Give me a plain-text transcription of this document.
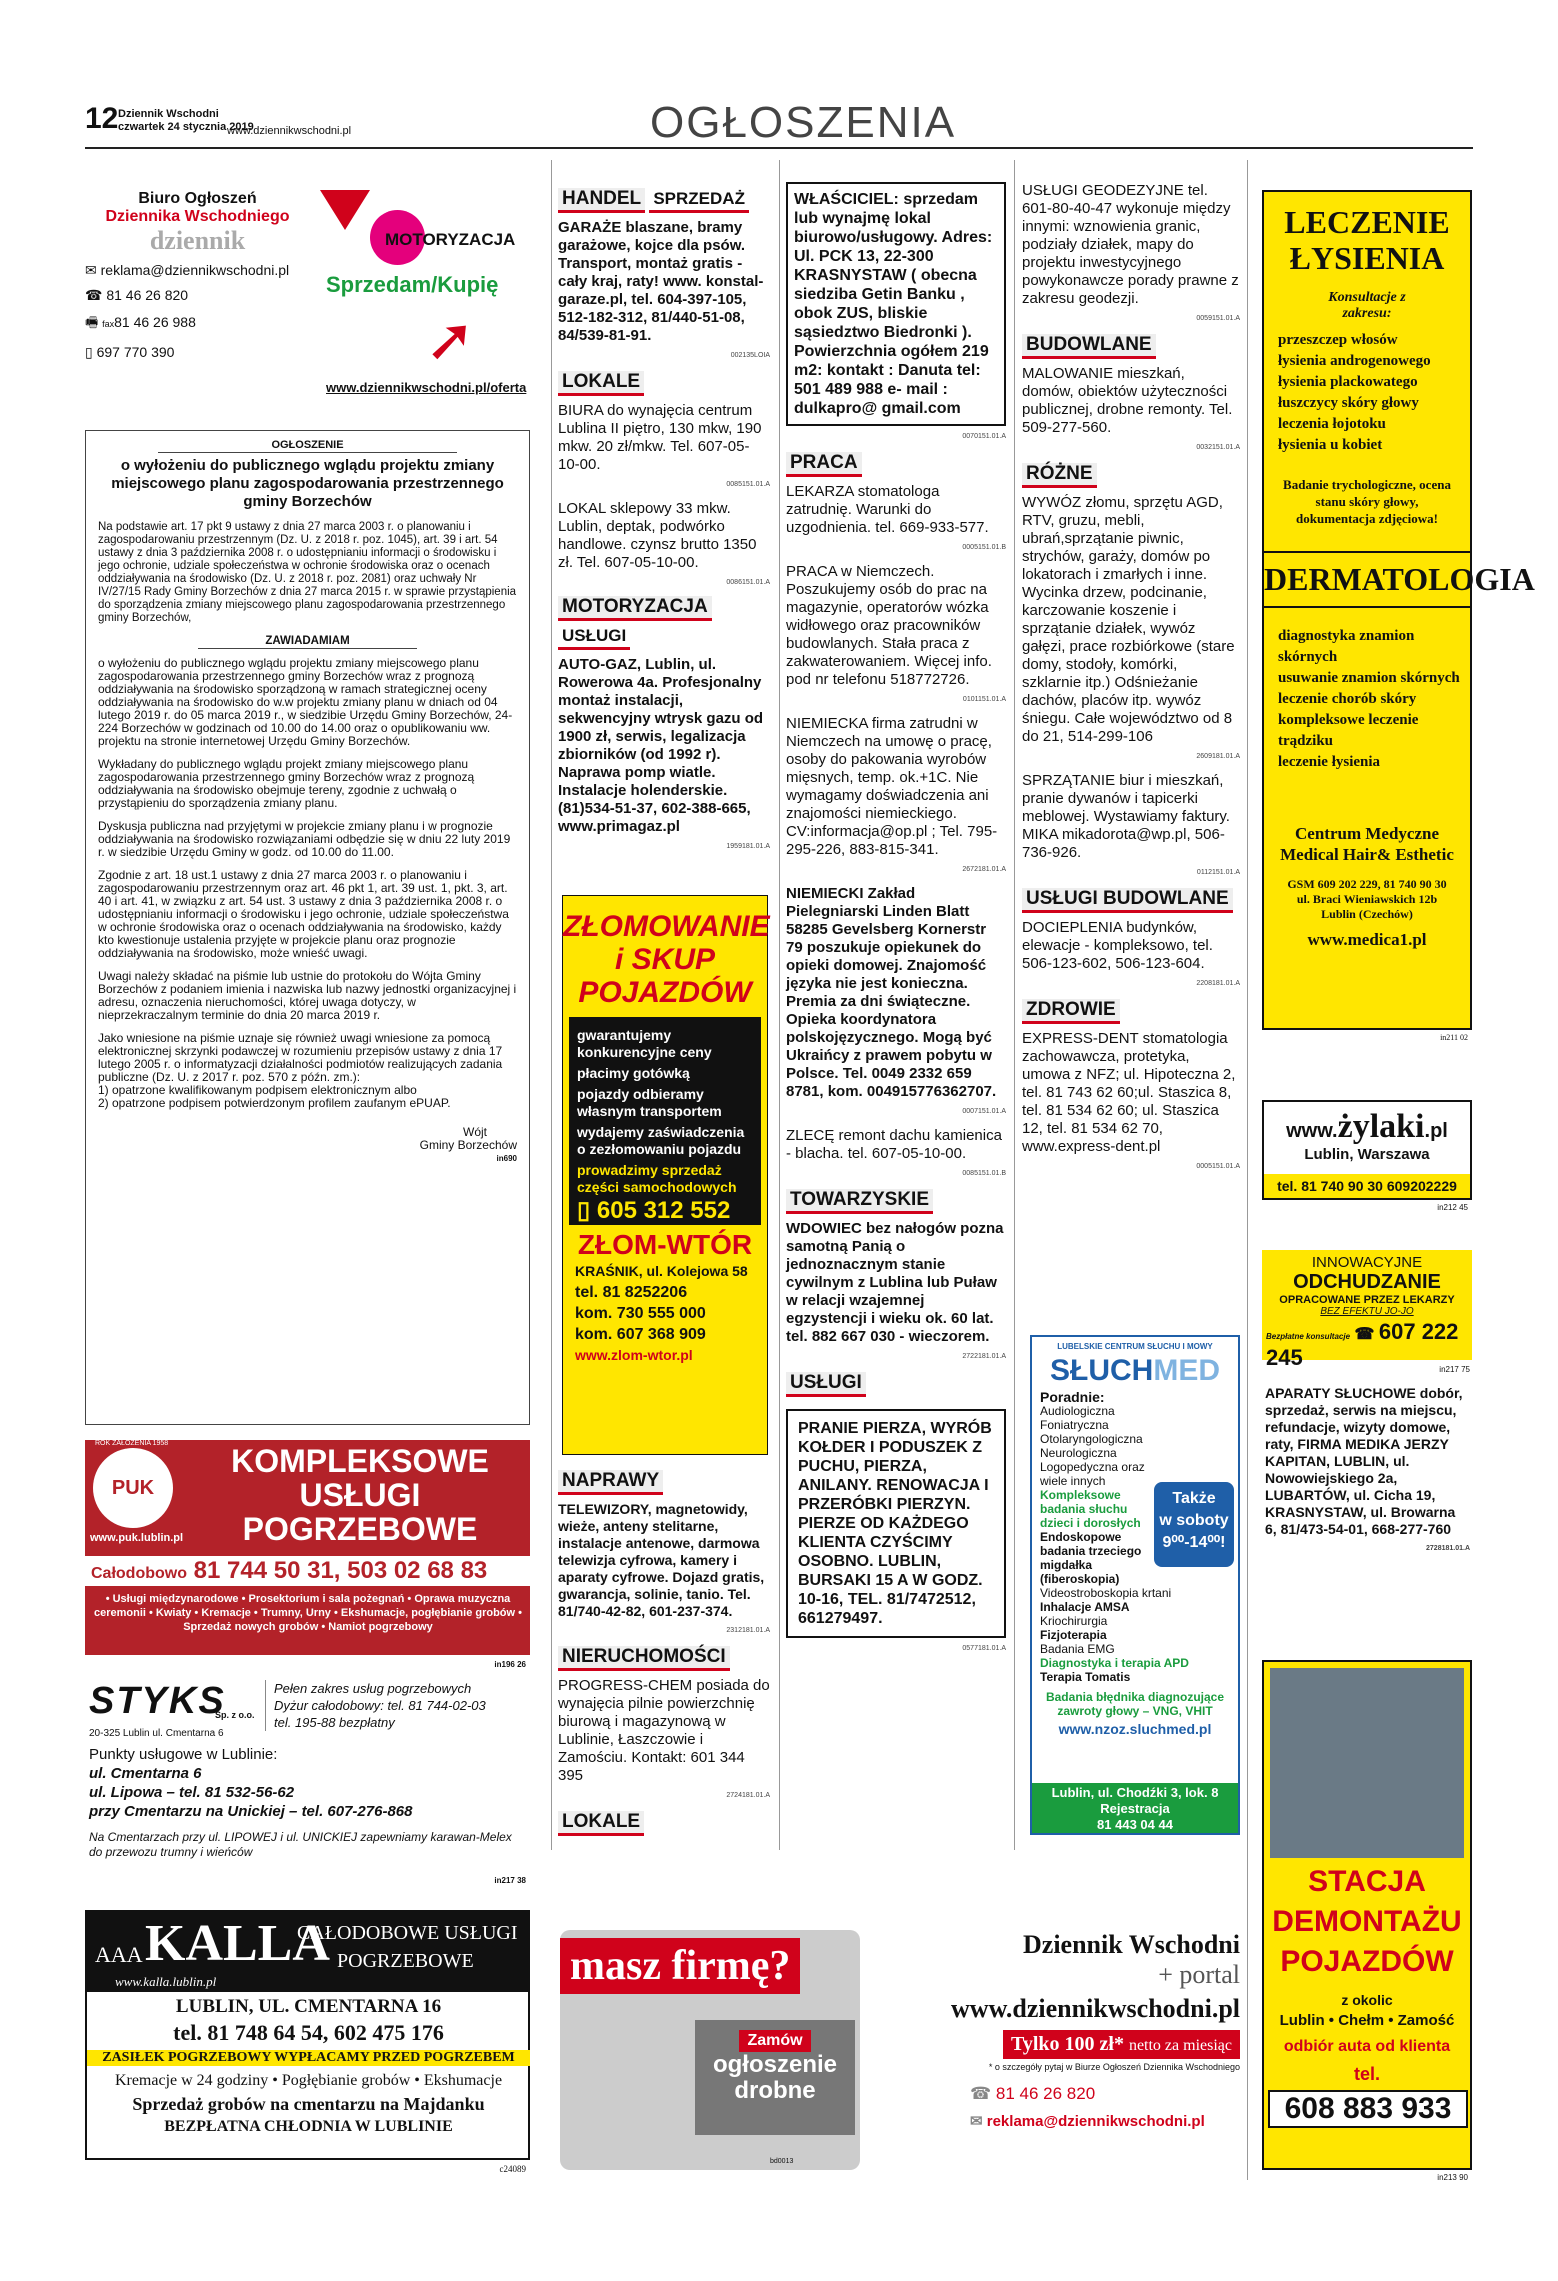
12 Dziennik Wschodni
czwartek 24 stycznia 2019
www.dziennikwschodni.pl	OGŁOSZENIA
Biuro Ogłoszeń
Dziennika Wschodniego
dziennik
✉ reklama@dziennikwschodni.pl
☎ 81 46 26 820
🖷 fax81 46 26 988
▯ 697 770 390
MOTORYZACJA
Sprzedam/Kupię
➚
www.dziennikwschodni.pl/oferta
OGŁOSZENIE
o wyłożeniu do publicznego wglądu projektu zmiany miejscowego planu zagospodarowania przestrzennego gminy Borzechów
Na podstawie art. 17 pkt 9 ustawy z dnia 27 marca 2003 r. o planowaniu i zagospodarowaniu przestrzennym (Dz. U. z 2018 r. poz. 1045), art. 39 i art. 54 ustawy z dnia 3 października 2008 r. o udostępnianiu informacji o środowisku i jego ochronie, udziale społeczeństwa w ochronie środowiska oraz o ocenach oddziaływania na środowisko (Dz. U. z 2018 r. poz. 2081) oraz uchwały Nr IV/27/15 Rady Gminy Borzechów z dnia 27 marca 2015 r. w sprawie przystąpienia do sporządzenia zmiany miejscowego planu zagospodarowania przestrzennego gminy Borzechów,
ZAWIADAMIAM
o wyłożeniu do publicznego wglądu projektu zmiany miejscowego planu zagospodarowania przestrzennego gminy Borzechów wraz z prognozą oddziaływania na środowisko sporządzoną w ramach strategicznej oceny oddziaływania na środowisko do w.w projektu zmiany planu w dniach od 04 lutego 2019 r. do 05 marca 2019 r., w siedzibie Urzędu Gminy Borzechów, 24-224 Borzechów w godzinach od 10.00 do 14.00 oraz o opublikowaniu ww. projektu na stronie internetowej Urzędu Gminy Borzechów.
Wykładany do publicznego wglądu projekt zmiany miejscowego planu zagospodarowania przestrzennego gminy Borzechów wraz z prognozą oddziaływania na środowisko obejmuje tereny, zgodnie z uchwałą o przystąpieniu do sporządzenia zmiany planu.
Dyskusja publiczna nad przyjętymi w projekcie zmiany planu i w prognozie oddziaływania na środowisko rozwiązaniami odbędzie się w dniu 22 luty 2019 r. w siedzibie Urzędu Gminy w godz. od 10.00 do 11.00.
Zgodnie z art. 18 ust.1 ustawy z dnia 27 marca 2003 r. o planowaniu i zagospodarowaniu przestrzennym oraz art. 46 pkt 1, art. 39 ust. 1, pkt. 3, art. 40 i art. 41, w związku z art. 54 ust. 3 ustawy z dnia 3 października 2008 r. o udostępnianiu informacji o środowisku i jego ochronie, udziale społeczeństwa w ochronie środowiska oraz o ocenach oddziaływania na środowisko, każdy kto kwestionuje ustalenia przyjęte w projekcie planu oraz prognozie oddziaływania na środowisko, może wnieść uwagi.
Uwagi należy składać na piśmie lub ustnie do protokołu do Wójta Gminy Borzechów z podaniem imienia i nazwiska lub nazwy jednostki organizacyjnej i adresu, oznaczenia nieruchomości, której uwaga dotyczy, w nieprzekraczalnym terminie do dnia 20 marca 2019 r.
Jako wniesione na piśmie uznaje się również uwagi wniesione za pomocą elektronicznej skrzynki podawczej w rozumieniu przepisów ustawy z dnia 17 lutego 2005 r. o informatyzacji działalności podmiotów realizujących zadania publiczne (Dz. U. z 2017 r. poz. 570 z późn. zm.):
1) opatrzone kwalifikowanym podpisem elektronicznym albo
2) opatrzone podpisem potwierdzonym profilem zaufanym ePUAP.
Wójt
Gminy Borzechów
in690
PUK
ROK ZAŁOŻENIA 1958
www.puk.lublin.pl
KOMPLEKSOWE
USŁUGI
POGRZEBOWE
Całodobowo 81 744 50 31, 503 02 68 83
• Usługi międzynarodowe • Prosektorium i sala pożegnań • Oprawa muzyczna ceremonii • Kwiaty • Kremacje • Trumny, Urny • Ekshumacje, pogłębianie grobów • Sprzedaż nowych grobów • Namiot pogrzebowy
in196 26
STYKS
Sp. z o.o.
20-325 Lublin ul. Cmentarna 6
Pełen zakres usług pogrzebowych
Dyżur całodobowy: tel. 81 744-02-03
tel. 195-88 bezpłatny
Punkty usługowe w Lublinie:
ul. Cmentarna 6
ul. Lipowa – tel. 81 532-56-62
przy Cmentarzu na Unickiej – tel. 607-276-868
Na Cmentarzach przy ul. LIPOWEJ i ul. UNICKIEJ zapewniamy karawan-Melex do przewozu trumny i wieńców
in217 38
AAA KALLA
CAŁODOBOWE USŁUGI
POGRZEBOWE
www.kalla.lublin.pl
LUBLIN, UL. CMENTARNA 16
tel. 81 748 64 54, 602 475 176
ZASIŁEK POGRZEBOWY WYPŁACAMY PRZED POGRZEBEM
Kremacje w 24 godziny • Pogłębianie grobów • Ekshumacje
Sprzedaż grobów na cmentarzu na Majdanku
BEZPŁATNA CHŁODNIA W LUBLINIE
c24089
HANDEL SPRZEDAŻ
GARAŻE blaszane, bramy garażowe, kojce dla psów. Transport, montaż gratis - cały kraj, raty! www. konstal-garaze.pl, tel. 604-397-105, 512-182-312, 81/440-51-08, 84/539-81-91.
002135LOIA
LOKALE
BIURA do wynajęcia centrum Lublina II piętro, 130 mkw, 190 mkw. 20 zł/mkw. Tel. 607-05-10-00.
0085151.01.A
LOKAL sklepowy 33 mkw. Lublin, deptak, podwórko handlowe. czynsz brutto 1350 zł. Tel. 607-05-10-00.
0086151.01.A
MOTORYZACJA USŁUGI
AUTO-GAZ, Lublin, ul. Rowerowa 4a. Profesjonalny montaż instalacji, sekwencyjny wtrysk gazu od 1900 zł, serwis, legalizacja zbiorników (od 1992 r). Naprawa pomp wiatle. Instalacje holenderskie. (81)534-51-37, 602-388-665, www.primagaz.pl
1959181.01.A
ZŁOMOWANIE
i SKUP
POJAZDÓW
gwarantujemy konkurencyjne ceny
płacimy gotówką
pojazdy odbieramy własnym transportem
wydajemy zaświadczenia o zezłomowaniu pojazdu
prowadzimy sprzedaż części samochodowych
▯ 605 312 552
ZŁOM-WTÓR
KRAŚNIK, ul. Kolejowa 58
tel. 81 8252206
kom. 730 555 000
kom. 607 368 909
www.zlom-wtor.pl
NAPRAWY
TELEWIZORY, magnetowidy, wieże, anteny stelitarne, instalacje antenowe, darmowa telewizja cyfrowa, kamery i aparaty cyfrowe. Dojazd gratis, gwarancja, solinie, tanio. Tel. 81/740-42-82, 601-237-374.
2312181.01.A
NIERUCHOMOŚCI
PROGRESS-CHEM posiada do wynajęcia pilnie powierzchnię biurową i magazynową w Lublinie, Łaszczowie i Zamościu. Kontakt: 601 344 395
2724181.01.A
LOKALE
WŁAŚCICIEL: sprzedam lub wynajmę lokal biurowo/usługowy. Adres: Ul. PCK 13, 22-300 KRASNYSTAW ( obecna siedziba Getin Banku , obok ZUS, bliskie sąsiedztwo Biedronki ). Powierzchnia ogółem 219 m2: kontakt : Danuta tel: 501 489 988 e- mail : dulkapro@ gmail.com
0070151.01.A
PRACA
LEKARZA stomatologa zatrudnię. Warunki do uzgodnienia. tel. 669-933-577.
0005151.01.B
PRACA w Niemczech. Poszukujemy osób do prac na magazynie, operatorów wózka widłowego oraz pracowników budowlanych. Stała praca z zakwaterowaniem. Więcej info. pod nr telefonu 518772726.
0101151.01.A
NIEMIECKA firma zatrudni w Niemczech na umowę o pracę, osoby do pakowania wyrobów mięsnych, temp. ok.+1C. Nie wymagamy doświadczenia ani znajomości niemieckiego. CV:informacja@op.pl ; Tel. 795-295-226, 883-815-341.
2672181.01.A
NIEMIECKI Zakład Pielegniarski Linden Blatt 58285 Gevelsberg Kornerstr 79 poszukuje opiekunek do opieki domowej. Znajomość języka nie jest konieczna. Premia za dni świąteczne. Opieka koordynatora polskojęzycznego. Mogą być Ukraińcy z prawem pobytu w Polsce. Tel. 0049 2332 659 8781, kom. 004915776362707.
0007151.01.A
ZLECĘ remont dachu kamienica - blacha. tel. 607-05-10-00.
0085151.01.B
TOWARZYSKIE
WDOWIEC bez nałogów pozna samotną Panią o jednoznacznym stanie cywilnym z Lublina lub Puław w relacji wzajemnej egzystencji i wieku ok. 60 lat. tel. 882 667 030 - wieczorem.
2722181.01.A
USŁUGI
PRANIE PIERZA, WYRÓB KOŁDER I PODUSZEK Z PUCHU, PIERZA, ANILANY. RENOWACJA I PRZERÓBKI PIERZYN. PIERZE OD KAŻDEGO KLIENTA CZYŚCIMY OSOBNO. LUBLIN, BURSAKI 15 A W GODZ. 10-16, TEL. 81/7472512, 661279497.
0577181.01.A
USŁUGI GEODEZYJNE tel. 601-80-40-47 wykonuje między innymi: wznowienia granic, podziały działek, mapy do projektu inwestycyjnego powykonawcze porady prawne z zakresu geodezji.
0059151.01.A
BUDOWLANE
MALOWANIE mieszkań, domów, obiektów użyteczności publicznej, drobne remonty. Tel. 509-277-560.
0032151.01.A
RÓŻNE
WYWÓZ złomu, sprzętu AGD, RTV, gruzu, mebli, ubrań,sprzątanie piwnic, strychów, garaży, domów po lokatorach i zmarłych i inne. Wycinka drzew, podcinanie, karczowanie koszenie i sprzątanie działek, wywóz gałęzi, prace rozbiórkowe (stare domy, stodoły, komórki, szklarnie itp.) Odśnieżanie dachów, placów itp. wywóz śniegu. Całe województwo od 8 do 21, 514-299-106
2609181.01.A
SPRZĄTANIE biur i mieszkań, pranie dywanów i tapicerki meblowej. Wystawiamy faktury. MIKA mikadorota@wp.pl, 506-736-926.
0112151.01.A
USŁUGI BUDOWLANE
DOCIEPLENIA budynków, elewacje - kompleksowo, tel. 506-123-602, 506-123-604.
2208181.01.A
ZDROWIE
EXPRESS-DENT stomatologia zachowawcza, protetyka, umowa z NFZ; ul. Hipoteczna 2, tel. 81 743 62 60;ul. Staszica 8, tel. 81 534 62 60; ul. Staszica 12, tel. 81 534 62 70, www.express-dent.pl
0005151.01.A
LUBELSKIE CENTRUM SŁUCHU I MOWY
SŁUCHMED
Poradnie:
Audiologiczna
Foniatryczna
Otolaryngologiczna
Neurologiczna
Logopedyczna oraz wiele innych
Kompleksowe badania słuchu dzieci i dorosłych
Endoskopowe badania trzeciego migdałka (fiberoskopia)
Videostroboskopia krtani
Inhalacje AMSA
Kriochirurgia
Fizjoterapia
Badania EMG
Diagnostyka i terapia APD
Terapia Tomatis
Także
w soboty
9⁰⁰-14⁰⁰!
Badania błędnika diagnozujące zawroty głowy – VNG, VHIT
www.nzoz.sluchmed.pl
Lublin, ul. Chodźki 3, lok. 8
Rejestracja
81 443 04 44
masz firmę?
Zamów
ogłoszenie drobne
bd0013
Dziennik Wschodni
+ portal
www.dziennikwschodni.pl
Tylko 100 zł* netto za miesiąc
* o szczegóły pytaj w Biurze Ogłoszeń Dziennika Wschodniego
☎ 81 46 26 820
✉ reklama@dziennikwschodni.pl
LECZENIE
ŁYSIENIA
Konsultacje z zakresu:
przeszczep włosów
łysienia androgenowego
łysienia plackowatego
łuszczycy skóry głowy
leczenia łojotoku
łysienia u kobiet
Badanie trychologiczne, ocena stanu skóry głowy, dokumentacja zdjęciowa!
DERMATOLOGIA
diagnostyka znamion skórnych
usuwanie znamion skórnych
leczenie chorób skóry
kompleksowe leczenie trądziku
leczenie łysienia
Centrum Medyczne
Medical Hair& Esthetic
GSM 609 202 229, 81 740 90 30
ul. Braci Wieniawskich 12b
Lublin (Czechów)
www.medica1.pl
in211 02
www.żylaki.pl
Lublin, Warszawa
tel. 81 740 90 30 609202229
in212 45
INNOWACYJNE
ODCHUDZANIE
OPRACOWANE PRZEZ LEKARZY
BEZ EFEKTU JO-JO
Bezpłatne konsultacje ☎ 607 222 245	in217 75
APARATY SŁUCHOWE dobór, sprzedaż, serwis na miejscu, refundacje, wizyty domowe, raty, FIRMA MEDIKA JERZY KAPITAN, LUBLIN, ul. Nowowiejskiego 2a, LUBARTÓW, ul. Cicha 19, KRASNYSTAW, ul. Browarna 6, 81/473-54-01, 668-277-760
2728181.01.A
STACJA
DEMONTAŻU
POJAZDÓW
z okolic
Lublin • Chełm • Zamość
odbiór auta od klienta
tel.
608 883 933
in213 90
